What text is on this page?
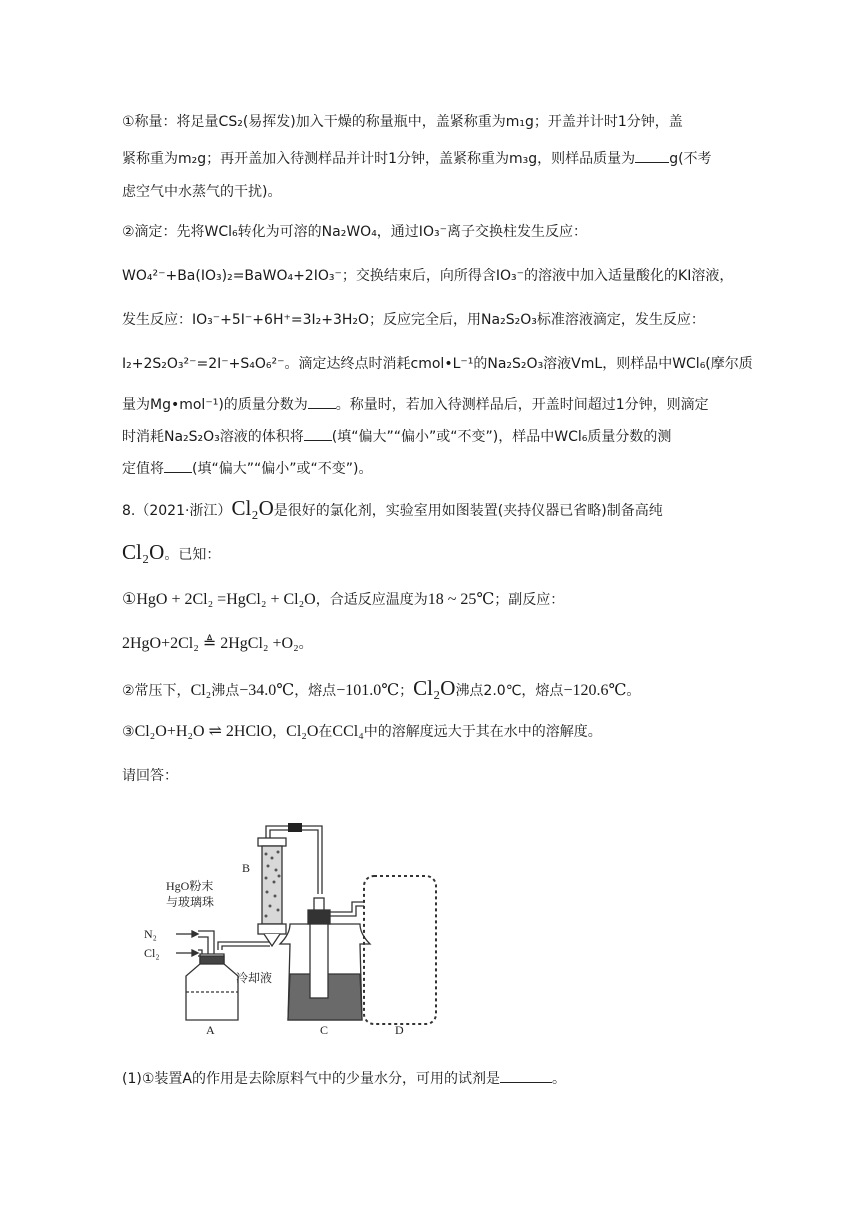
①称量：将足量CS₂(易挥发)加入干燥的称量瓶中，盖紧称重为m₁g；开盖并计时1分钟，盖
紧称重为m₂g；再开盖加入待测样品并计时1分钟，盖紧称重为m₃g，则样品质量为 g(不考
虑空气中水蒸气的干扰)。
②滴定：先将WCl₆转化为可溶的Na₂WO₄，通过IO₃⁻离子交换柱发生反应：
WO₄²⁻+Ba(IO₃)₂=BaWO₄+2IO₃⁻；交换结束后，向所得含IO₃⁻的溶液中加入适量酸化的KI溶液，
发生反应：IO₃⁻+5I⁻+6H⁺=3I₂+3H₂O；反应完全后，用Na₂S₂O₃标准溶液滴定，发生反应：
I₂+2S₂O₃²⁻=2I⁻+S₄O₆²⁻。滴定达终点时消耗cmol•L⁻¹的Na₂S₂O₃溶液VmL，则样品中WCl₆(摩尔质
量为Mg•mol⁻¹)的质量分数为 。称量时，若加入待测样品后，开盖时间超过1分钟，则滴定
时消耗Na₂S₂O₃溶液的体积将 (填“偏大”“偏小”或“不变”)，样品中WCl₆质量分数的测
定值将 (填“偏大”“偏小”或“不变”)。
8.（2021·浙江）Cl₂O是很好的氯化剂，实验室用如图装置(夹持仪器已省略)制备高纯
Cl₂O。已知：
①HgO + 2Cl₂ =HgCl₂ + Cl₂O，合适反应温度为18 ~ 25℃；副反应：
2HgO+2Cl₂ ≜ 2HgCl₂ +O₂。
②常压下，Cl₂沸点−34.0℃，熔点−101.0℃；Cl₂O沸点2.0℃，熔点−120.6℃。
③Cl₂O+H₂O ⇌ 2HClO，Cl₂O在CCl₄中的溶解度远大于其在水中的溶解度。
请回答：
B
HgO粉末
与玻璃珠
N₂
Cl₂
冷却液
A	C	D
(1)①装置A的作用是去除原料气中的少量水分，可用的试剂是	。
